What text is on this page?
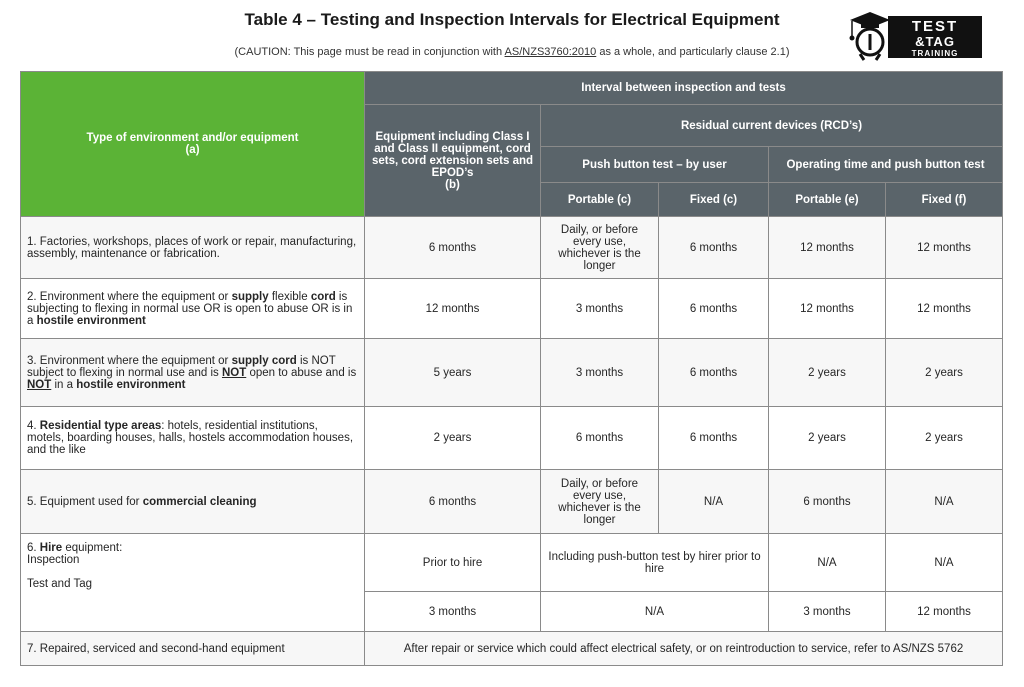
Table 4 – Testing and Inspection Intervals for Electrical Equipment
(CAUTION: This page must be read in conjunction with AS/NZS3760:2010 as a whole, and particularly clause 2.1)
TEST
&TAG
TRAINING
Type of environment and/or equipment
(a)	Interval between inspection and tests				
	Equipment including Class I and Class II equipment, cord sets, cord extension sets and EPOD’s
(b)	Residual current devices (RCD’s)			
		Push button test – by user		Operating time and push button test	
		Portable (c)	Fixed (c)	Portable (e)	Fixed (f)
1. Factories, workshops, places of work or repair, manufacturing, assembly, maintenance or fabrication.	6 months	Daily, or before every use, whichever is the longer	6 months	12 months	12 months
2. Environment where the equipment or supply flexible cord is subjecting to flexing in normal use OR is open to abuse OR is in a hostile environment	12 months	3 months	6 months	12 months	12 months
3. Environment where the equipment or supply cord is NOT subject to flexing in normal use and is NOT open to abuse and is NOT in a hostile environment	5 years	3 months	6 months	2 years	2 years
4. Residential type areas: hotels, residential institutions, motels, boarding houses, halls, hostels accommodation houses, and the like	2 years	6 months	6 months	2 years	2 years
5. Equipment used for commercial cleaning	6 months	Daily, or before every use, whichever is the longer	N/A	6 months	N/A
6. Hire equipment:
Inspection

Test and Tag	Prior to hire	Including push-button test by hirer prior to hire		N/A	N/A
	3 months	N/A		3 months	12 months
7. Repaired, serviced and second-hand equipment	After repair or service which could affect electrical safety, or on reintroduction to service, refer to AS/NZS 5762				
